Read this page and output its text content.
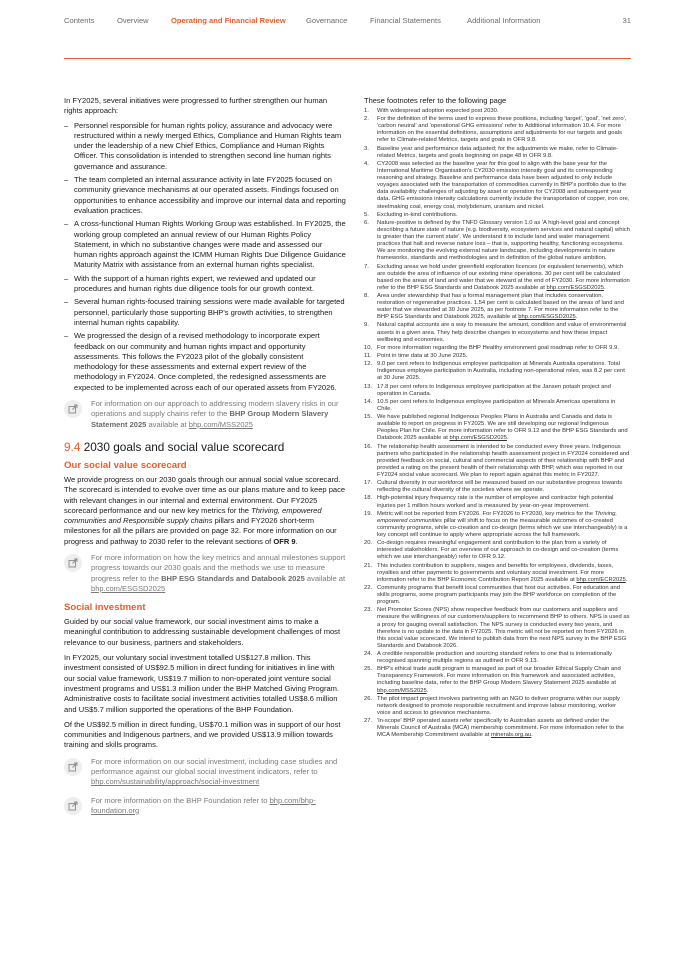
Contents	Overview	Operating and Financial Review	Governance	Financial Statements	Additional Information	31

In FY2025, several initiatives were progressed to further strengthen our human rights approach:

– Personnel responsible for human rights policy, assurance and advocacy were restructured within a newly merged Ethics, Compliance and Human Rights team under the leadership of a new Chief Ethics, Compliance and Human Rights Officer. This consolidation is intended to strengthen second line human rights governance and assurance.
– The team completed an internal assurance activity in late FY2025 focused on community grievance mechanisms at our operated assets. Findings focused on opportunities to enhance accessibility and improve our internal data and reporting evaluation practices.
– A cross-functional Human Rights Working Group was established. In FY2025, the working group completed an annual review of our Human Rights Policy Statement, in which no substantive changes were made and assessed our human rights approach against the ICMM Human Rights Due Diligence Guidance Maturity Matrix with assistance from an external human rights specialist.
– With the support of a human rights expert, we reviewed and updated our procedures and human rights due diligence tools for our growth context.
– Several human rights-focused training sessions were made available for targeted personnel, particularly those supporting BHP's growth activities, to strengthen internal human rights capability.
– We progressed the design of a revised methodology to incorporate expert feedback on our community and human rights impact and opportunity assessments. This follows the FY2023 pilot of the globally consistent methodology for these assessments and external expert review of the methodology in FY2024. Once completed, the redesigned assessments are expected to be implemented across each of our operated assets from FY2026.
For information on our approach to addressing modern slavery risks in our operations and supply chains refer to the BHP Group Modern Slavery Statement 2025 available at bhp.com/MSS2025
9.4 2030 goals and social value scorecard
Our social value scorecard

We provide progress on our 2030 goals through our annual social value scorecard. The scorecard is intended to evolve over time as our plans mature and to keep pace with relevant changes in our internal and external environment. Our FY2025 scorecard performance and our new key metrics for the Thriving, empowered communities and Responsible supply chains pillars and FY2026 short-term milestones for all the pillars are provided on page 32. For more information on our progress and pathway to 2030 refer to the relevant sections of OFR 9.

For more information on how the key metrics and annual milestones support progress towards our 2030 goals and the methods we use to measure progress refer to the BHP ESG Standards and Databook 2025 available at bhp.com/ESGSD2025
Social investment

Guided by our social value framework, our social investment aims to make a meaningful contribution to addressing sustainable development challenges of most relevance to our business, partners and stakeholders.

In FY2025, our voluntary social investment totalled US$127.8 million. This investment consisted of US$92.5 million in direct funding for initiatives in line with our social value framework, US$19.7 million to non-operated joint venture social investment programs and US$1.3 million under the BHP Matched Giving Program. Administrative costs to facilitate social investment activities totalled US$8.6 million and US$5.7 million supported the operations of the BHP Foundation.

Of the US$92.5 million in direct funding, US$70.1 million was in support of our host communities and Indigenous partners, and we provided US$13.9 million towards training and skills programs.

For more information on our social investment, including case studies and performance against our global social investment indicators, refer to bhp.com/sustainability/approach/social-investment
For more information on the BHP Foundation refer to bhp.com/bhp-foundation.org
These footnotes refer to the following page
1. With widespread adoption expected post 2030.
2. For the definition of the terms used to express these positions, including 'target', 'goal', 'net zero', 'carbon neutral' and 'operational GHG emissions' refer to Additional information 10.4. For more information on the essential definitions, assumptions and adjustments for our targets and goals refer to Climate-related Metrics, targets and goals in OFR 9.8.
3. Baseline year and performance data adjusted; for the adjustments we make, refer to Climate-related Metrics, targets and goals beginning on page 48 in OFR 9.8.
4. CY2008 was selected as the baseline year for this goal to align with the base year for the International Maritime Organisation's CY2030 emission intensity goal and its corresponding reasoning and strategy. Baseline and performance data have been adjusted to only include voyages associated with the transportation of commodities currently in BHP's portfolio due to the data availability challenges of adjusting by asset or operation for CY2008 and subsequent year data. GHG emissions intensity calculations currently include the transportation of copper, iron ore, steelmaking coal, energy coal, molybdenum, uranium and nickel.
5. Excluding in-kind contributions.
6. Nature-positive is defined by the TNFD Glossary version 1.0 as 'A high-level goal and concept describing a future state of nature (e.g. biodiversity, ecosystem services and natural capital) which is greater than the current state'. We understand it to include land and water management practices that halt and reverse nature loss – that is, supporting healthy, functioning ecosystems. We are monitoring the evolving external nature landscape, including developments in nature frameworks, standards and methodologies and in definition of the global nature ambition.
7. Excluding areas we hold under greenfield exploration licences (or equivalent tenements), which are outside the area of influence of our existing mine operations. 30 per cent will be calculated based on the areas of land and water that we steward at the end of FY2030. For more information refer to the BHP ESG Standards and Databook 2025 available at bhp.com/ESGSD2025.
8. Area under stewardship that has a formal management plan that includes conservation, restoration or regenerative practices. 1.54 per cent is calculated based on the areas of land and water that we stewarded at 30 June 2025, as per footnote 7. For more information refer to the BHP ESG Standards and Databook 2025, available at bhp.com/ESGSD2025.
9. Natural capital accounts are a way to measure the amount, condition and value of environmental assets in a given area. They help describe changes in ecosystems and how these impact wellbeing and economies.
10. For more information regarding the BHP Healthy environment goal roadmap refer to OFR 9.9.
11. Point in time data at 30 June 2025.
12. 9.0 per cent refers to Indigenous employee participation at Minerals Australia operations. Total Indigenous employee participation in Australia, including non-operational roles, was 8.2 per cent at 30 June 2025.
13. 17.8 per cent refers to Indigenous employee participation at the Jansen potash project and operation in Canada.
14. 10.5 per cent refers to Indigenous employee participation at Minerals Americas operations in Chile.
15. We have published regional Indigenous Peoples Plans in Australia and Canada and data is available to report on progress in FY2025. We are still developing our regional Indigenous Peoples Plan for Chile. For more information refer to OFR 9.12 and the BHP ESG Standards and Databook 2025 available at bhp.com/ESGSD2025.
16. The relationship health assessment is intended to be conducted every three years. Indigenous partners who participated in the relationship health assessment project in FY2024 considered and provided feedback on social, cultural and commercial aspects of their relationship with BHP and provided a rating on the present health of their relationship with BHP, which was reported in our FY2024 social value scorecard. We plan to report again against this metric in FY2027.
17. Cultural diversity in our workforce will be measured based on our substantive progress towards reflecting the cultural diversity of the societies where we operate.
18. High-potential injury frequency rate is the number of employee and contractor high potential injuries per 1 million hours worked and is measured by year-on-year improvement.
19. Metric will not be reported from FY2026. For FY2026 to FY2030, key metrics for the Thriving, empowered communities pillar will shift to focus on the measurable outcomes of co-created community programs, while co-creation and co-design (terms which we use interchangeably) is a key concept will continue to apply where appropriate across the full framework.
20. Co-design requires meaningful engagement and contribution to the plan from a variety of interested stakeholders. For an overview of our approach to co-design and co-creation (terms which we use interchangeably) refer to OFR 9.12.
21. This includes contribution to suppliers, wages and benefits for employees, dividends, taxes, royalties and other payments to governments and voluntary social investment. For more information refer to the BHP Economic Contribution Report 2025 available at bhp.com/ECR2025.
22. Community programs that benefit local communities that host our activities. For education and skills programs, some program participants may join the BHP workforce on completion of the program.
23. Net Promoter Scores (NPS) show respective feedback from our customers and suppliers and measure the willingness of our customers/suppliers to recommend BHP to others. NPS is used as a proxy for gauging overall satisfaction. The NPS survey is conducted every two years, and therefore is no update to the data in FY2025. This metric will not be reported on from FY2026 in this social value scorecard. We intend to publish data from the next NPS survey in the BHP ESG Standards and Databook 2026.
24. A credible responsible production and sourcing standard refers to one that is internationally recognised spanning multiple regions as outlined in OFR 9.13.
25. BHP's ethical trade audit program is managed as part of our broader Ethical Supply Chain and Transparency Framework. For more information on this framework and associated activities, including baseline data, refer to the BHP Group Modern Slavery Statement 2025 available at bhp.com/MSS2025.
26. The pilot impact project involves partnering with an NGO to deliver programs within our supply network designed to promote responsible recruitment and improve labour monitoring, worker voice and access to grievance mechanisms.
27. 'In-scope' BHP operated assets refer specifically to Australian assets as defined under the Minerals Council of Australia (MCA) membership commitment. For more information refer to the MCA Membership Commitment available at minerals.org.au.
